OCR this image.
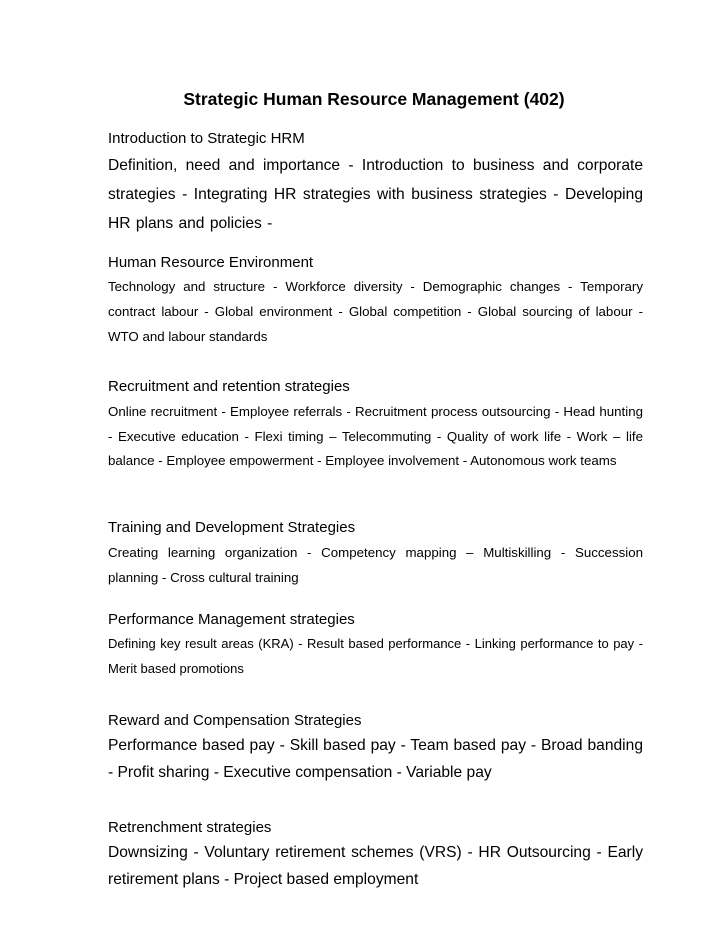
Strategic Human Resource Management (402)

Introduction to Strategic HRM

Definition, need and importance - Introduction to business and corporate strategies - Integrating HR strategies with business strategies - Developing HR plans and policies -

Human Resource Environment

Technology and structure - Workforce diversity - Demographic changes - Temporary contract labour - Global environment - Global competition - Global sourcing of labour - WTO and labour standards

Recruitment and retention strategies

Online recruitment - Employee referrals - Recruitment process outsourcing - Head hunting - Executive education - Flexi timing – Telecommuting - Quality of work life - Work – life balance - Employee empowerment - Employee involvement - Autonomous work teams

Training and Development Strategies

Creating learning organization - Competency mapping – Multiskilling - Succession planning - Cross cultural training

Performance Management strategies

Defining key result areas (KRA) - Result based performance - Linking performance to pay - Merit based promotions

Reward and Compensation Strategies

Performance based pay - Skill based pay - Team based pay - Broad banding - Profit sharing - Executive compensation - Variable pay

Retrenchment strategies

Downsizing - Voluntary retirement schemes (VRS) - HR Outsourcing - Early retirement plans - Project based employment
